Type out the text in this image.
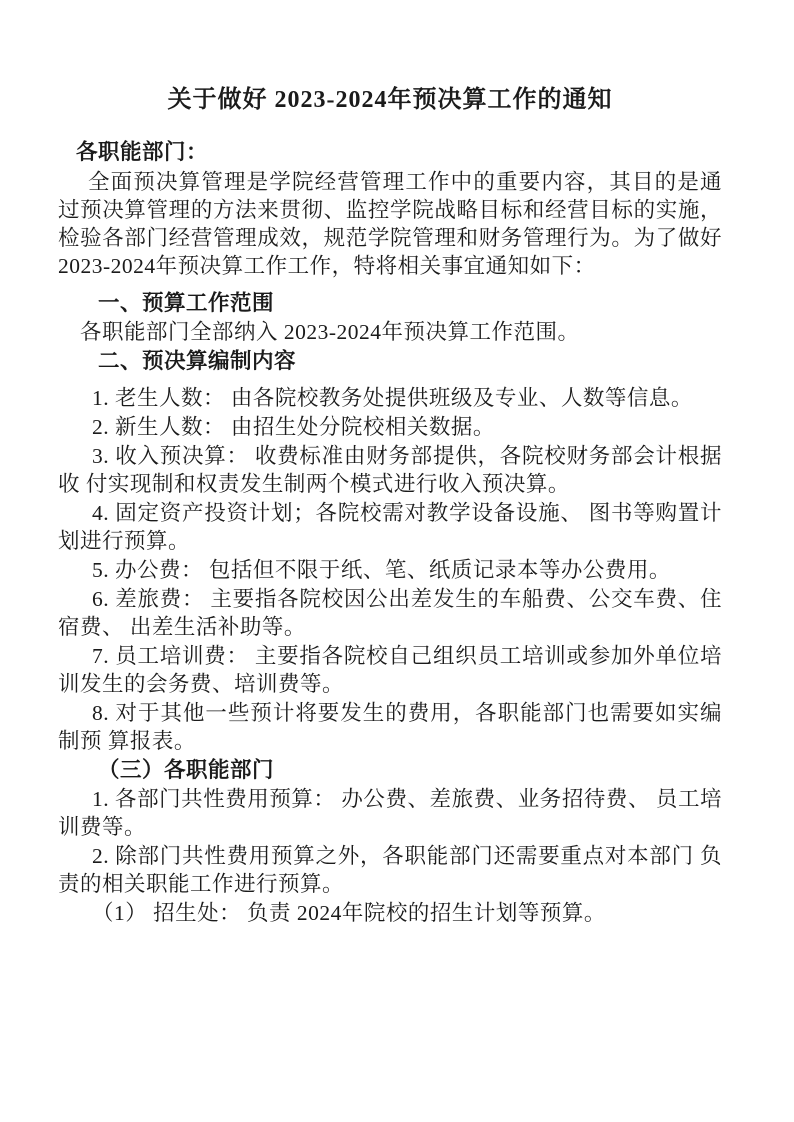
关于做好 2023-2024年预决算工作的通知
各职能部门：
全面预决算管理是学院经营管理工作中的重要内容，其目的是通过预决算管理的方法来贯彻、监控学院战略目标和经营目标的实施，检验各部门经营管理成效，规范学院管理和财务管理行为。为了做好2023-2024年预决算工作工作，特将相关事宜通知如下：
一、预算工作范围
各职能部门全部纳入 2023-2024年预决算工作范围。
二、预决算编制内容
1. 老生人数： 由各院校教务处提供班级及专业、人数等信息。
2. 新生人数： 由招生处分院校相关数据。
3. 收入预决算： 收费标准由财务部提供，各院校财务部会计根据收 付实现制和权责发生制两个模式进行收入预决算。
4. 固定资产投资计划；各院校需对教学设备设施、 图书等购置计划进行预算。
5. 办公费： 包括但不限于纸、笔、纸质记录本等办公费用。
6. 差旅费： 主要指各院校因公出差发生的车船费、公交车费、住宿费、 出差生活补助等。
7. 员工培训费： 主要指各院校自己组织员工培训或参加外单位培训发生的会务费、培训费等。
8. 对于其他一些预计将要发生的费用，各职能部门也需要如实编制预 算报表。
（三）各职能部门
1. 各部门共性费用预算： 办公费、差旅费、业务招待费、 员工培训费等。
2. 除部门共性费用预算之外，各职能部门还需要重点对本部门 负责的相关职能工作进行预算。
（1） 招生处： 负责 2024年院校的招生计划等预算。
